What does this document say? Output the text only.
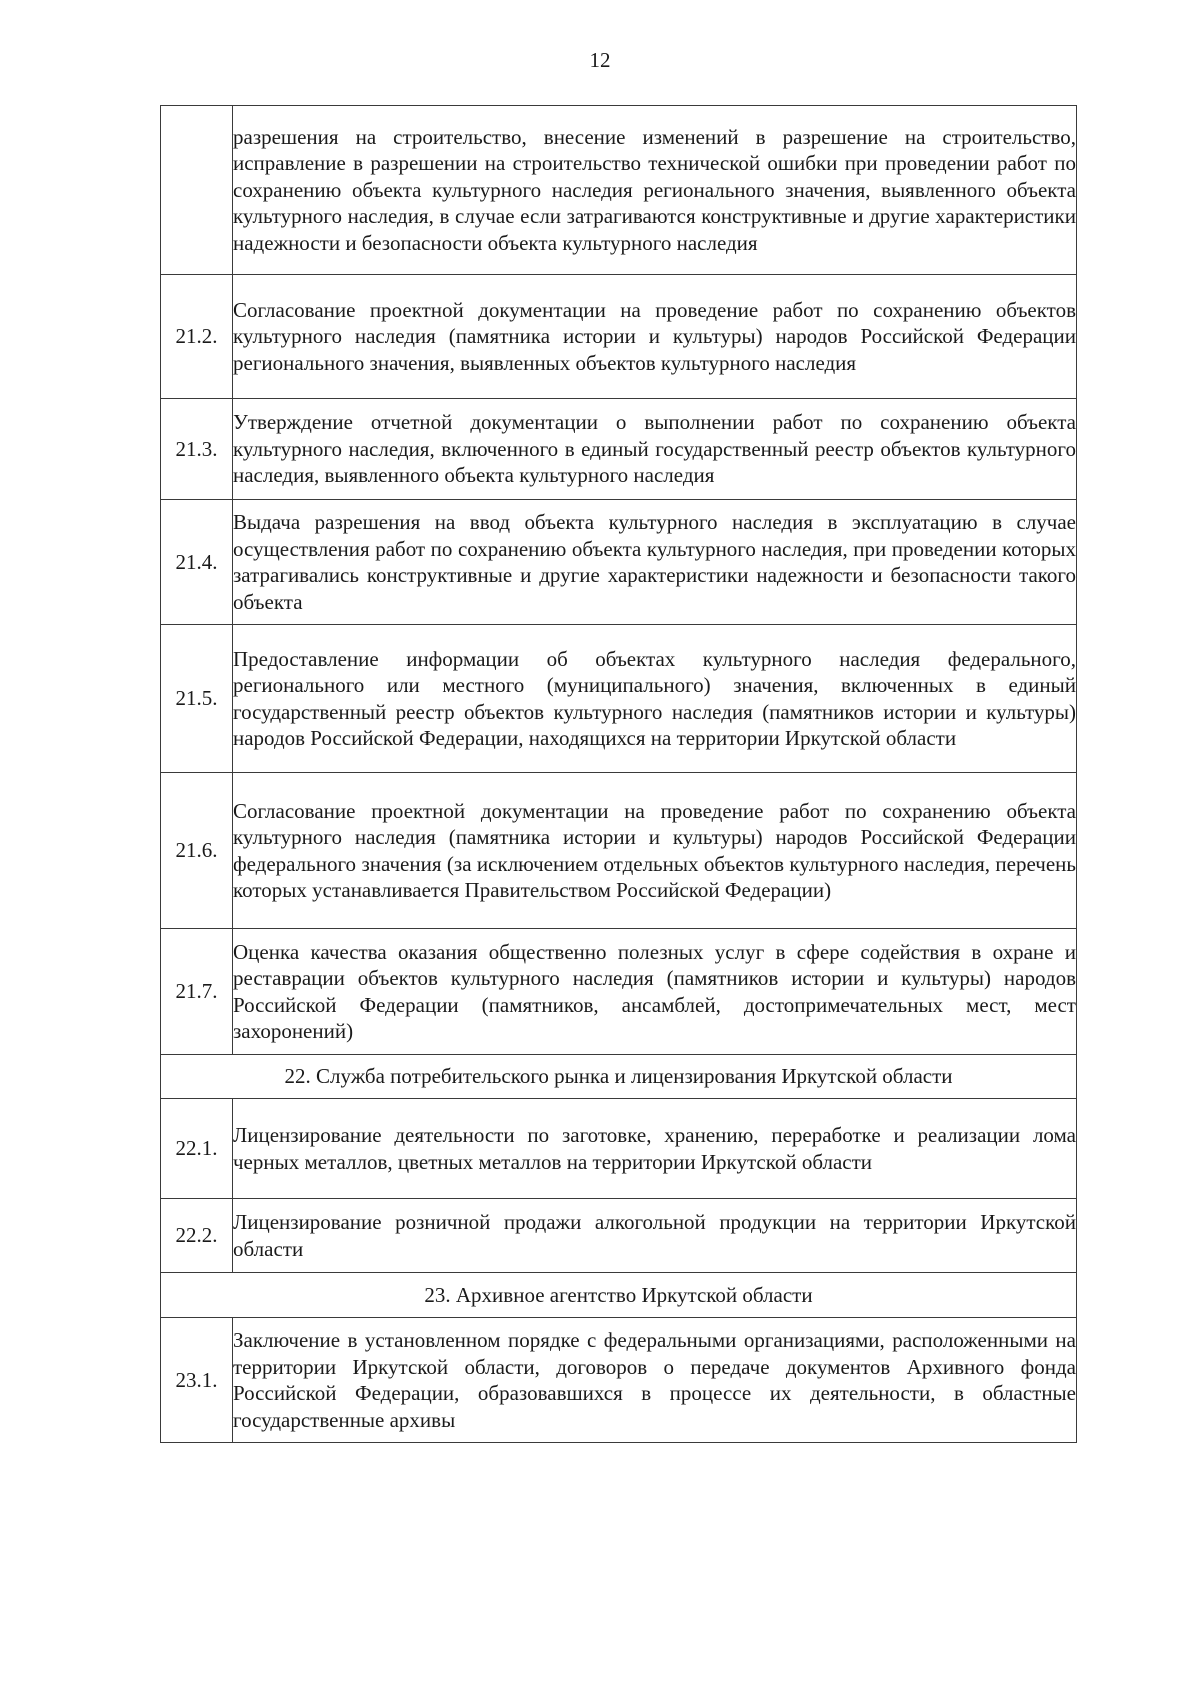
12
	разрешения на строительство, внесение изменений в разрешение на строительство, исправление в разрешении на строительство технической ошибки при проведении работ по сохранению объекта культурного наследия регионального значения, выявленного объекта культурного наследия, в случае если затрагиваются конструктивные и другие характеристики надежности и безопасности объекта культурного наследия
21.2.	Согласование проектной документации на проведение работ по сохранению объектов культурного наследия (памятника истории и культуры) народов Российской Федерации регионального значения, выявленных объектов культурного наследия
21.3.	Утверждение отчетной документации о выполнении работ по сохранению объекта культурного наследия, включенного в единый государственный реестр объектов культурного наследия, выявленного объекта культурного наследия
21.4.	Выдача разрешения на ввод объекта культурного наследия в эксплуатацию в случае осуществления работ по сохранению объекта культурного наследия, при проведении которых затрагивались конструктивные и другие характеристики надежности и безопасности такого объекта
21.5.	Предоставление информации об объектах культурного наследия федерального, регионального или местного (муниципального) значения, включенных в единый государственный реестр объектов культурного наследия (памятников истории и культуры) народов Российской Федерации, находящихся на территории Иркутской области
21.6.	Согласование проектной документации на проведение работ по сохранению объекта культурного наследия (памятника истории и культуры) народов Российской Федерации федерального значения (за исключением отдельных объектов культурного наследия, перечень которых устанавливается Правительством Российской Федерации)
21.7.	Оценка качества оказания общественно полезных услуг в сфере содействия в охране и реставрации объектов культурного наследия (памятников истории и культуры) народов Российской Федерации (памятников, ансамблей, достопримечательных мест, мест захоронений)
22. Служба потребительского рынка и лицензирования Иркутской области	
22.1.	Лицензирование деятельности по заготовке, хранению, переработке и реализации лома черных металлов, цветных металлов на территории Иркутской области
22.2.	Лицензирование розничной продажи алкогольной продукции на территории Иркутской области
23. Архивное агентство Иркутской области	
23.1.	Заключение в установленном порядке с федеральными организациями, расположенными на территории Иркутской области, договоров о передаче документов Архивного фонда Российской Федерации, образовавшихся в процессе их деятельности, в областные государственные архивы
